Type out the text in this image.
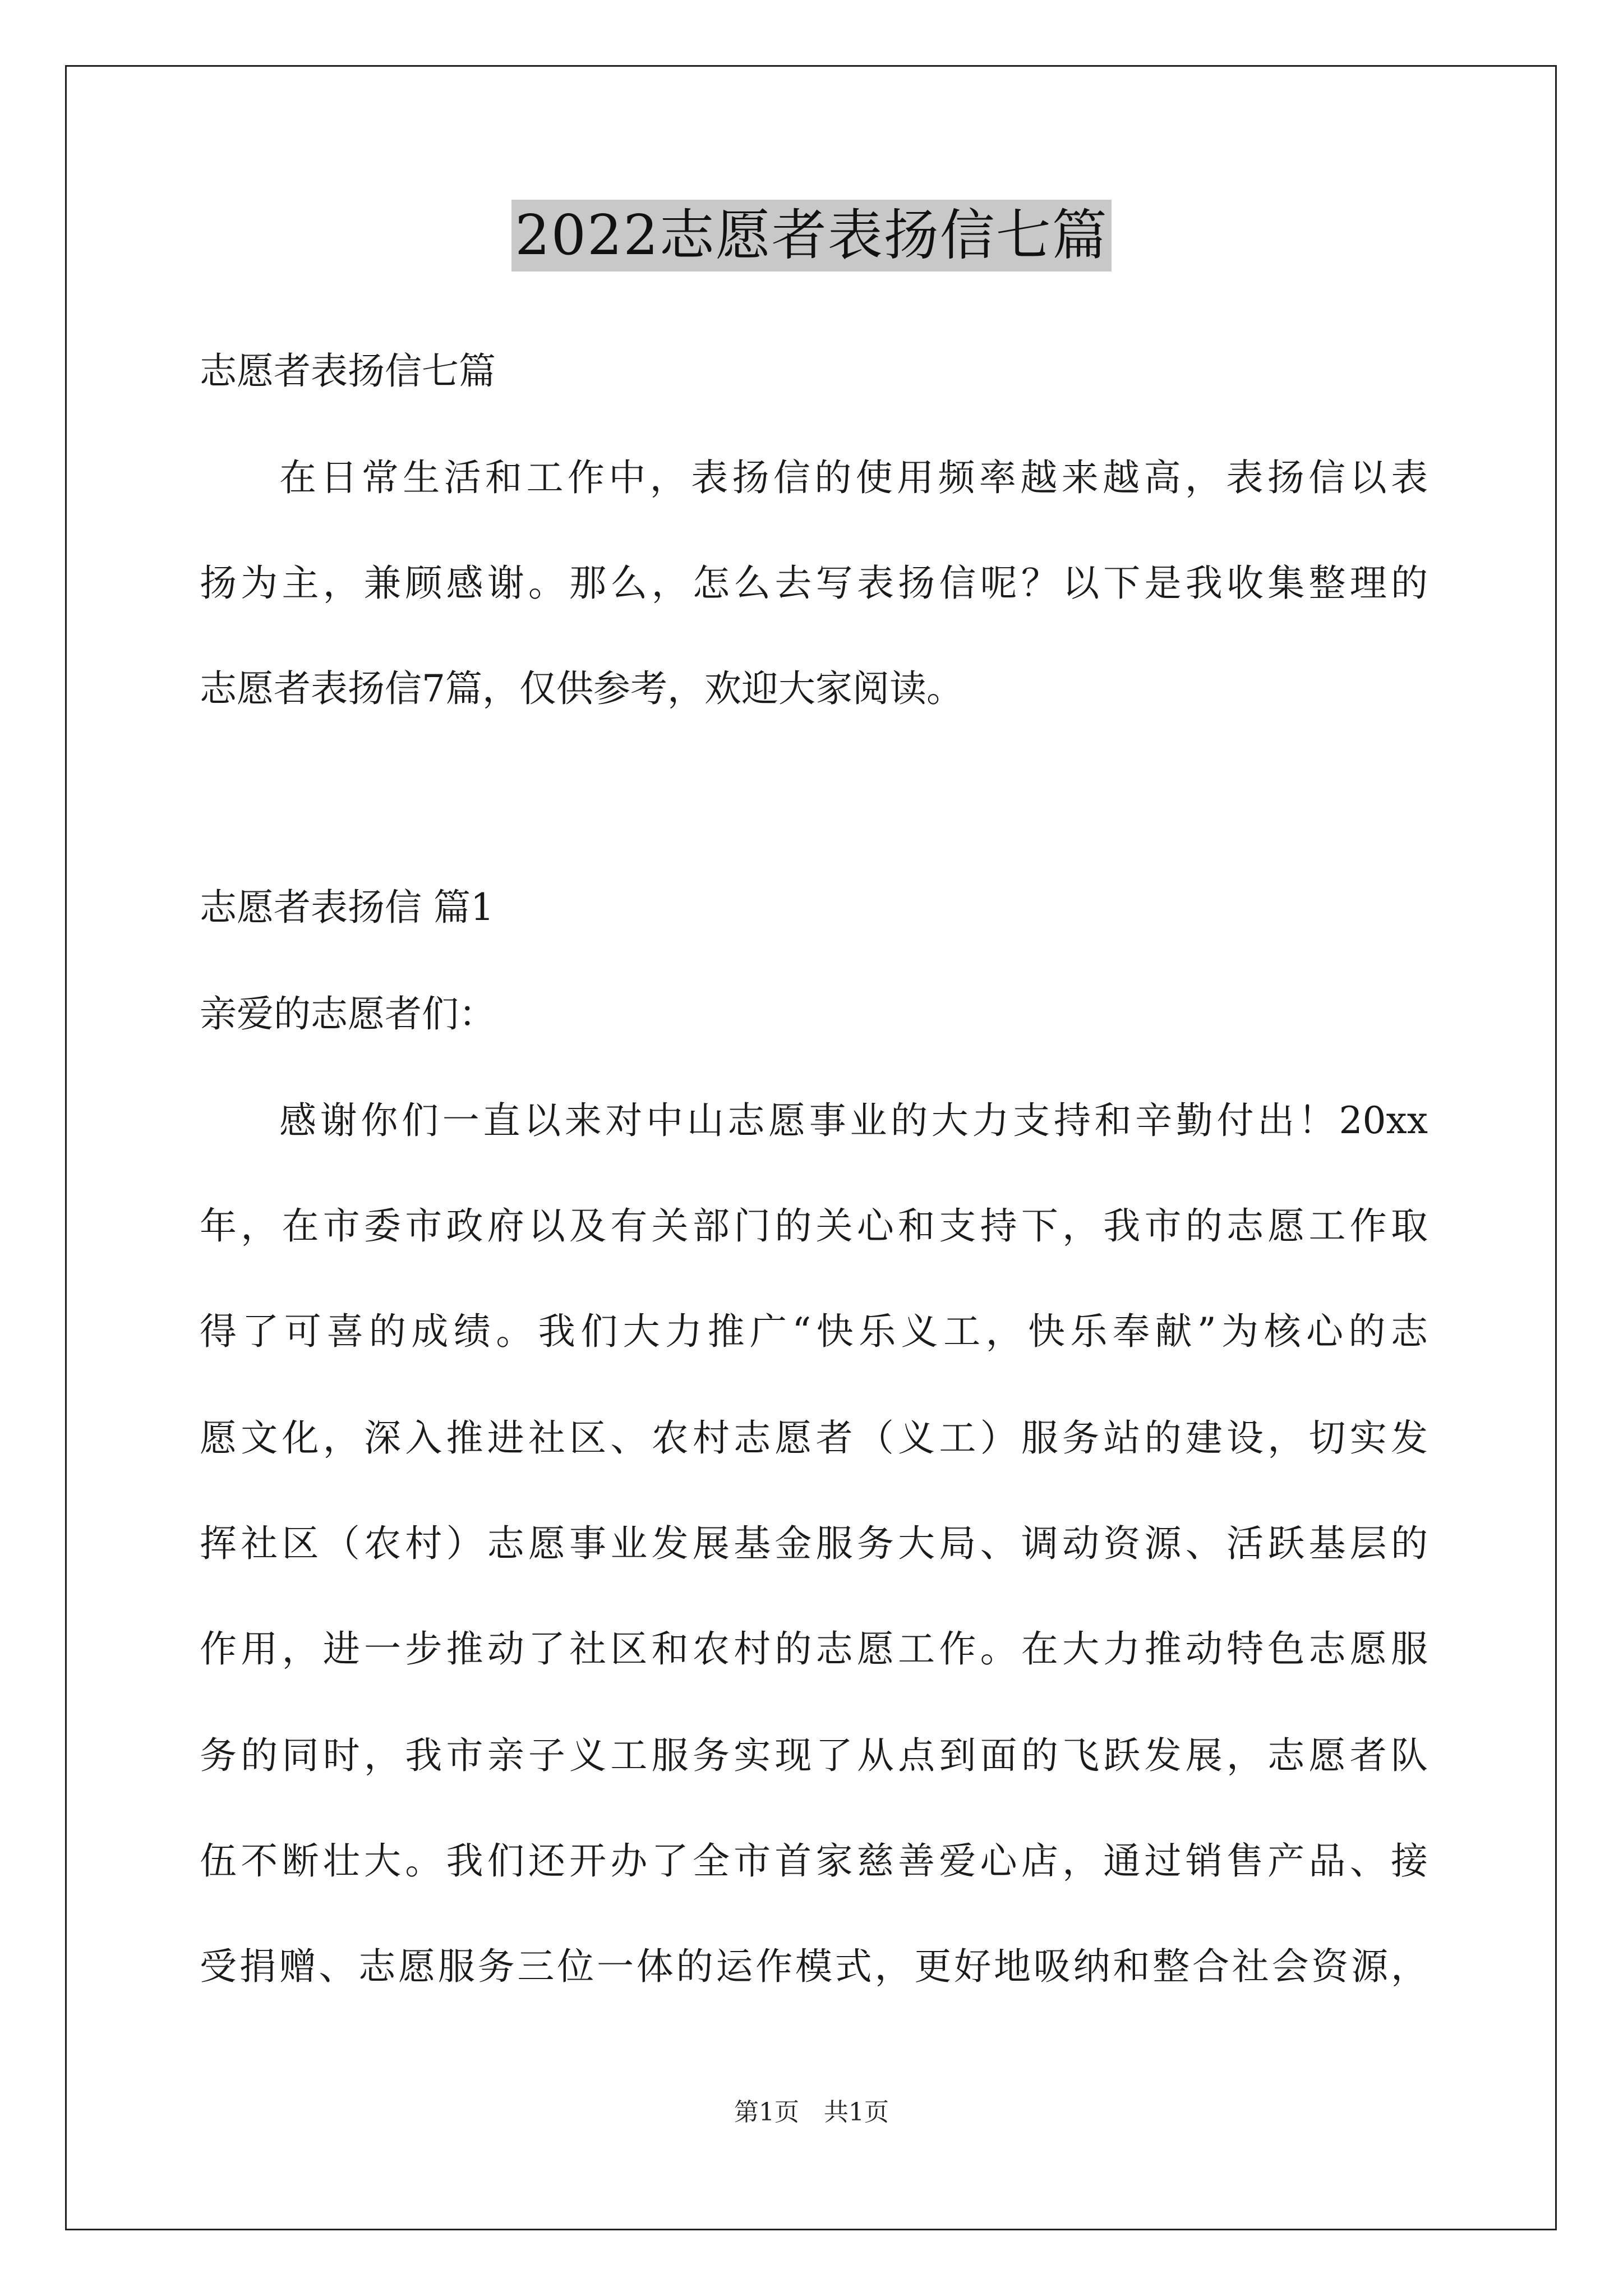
2022志愿者表扬信七篇
志愿者表扬信七篇
在日常生活和工作中，表扬信的使用频率越来越高，表扬信以表
扬为主，兼顾感谢。那么，怎么去写表扬信呢？以下是我收集整理的
志愿者表扬信7篇，仅供参考，欢迎大家阅读。
志愿者表扬信 篇1
亲爱的志愿者们：
感谢你们一直以来对中山志愿事业的大力支持和辛勤付出！20xx
年，在市委市政府以及有关部门的关心和支持下，我市的志愿工作取
得了可喜的成绩。我们大力推广“快乐义工，快乐奉献”为核心的志
愿文化，深入推进社区、农村志愿者（义工）服务站的建设，切实发
挥社区（农村）志愿事业发展基金服务大局、调动资源、活跃基层的
作用，进一步推动了社区和农村的志愿工作。在大力推动特色志愿服
务的同时，我市亲子义工服务实现了从点到面的飞跃发展，志愿者队
伍不断壮大。我们还开办了全市首家慈善爱心店，通过销售产品、接
受捐赠、志愿服务三位一体的运作模式，更好地吸纳和整合社会资源，
第1页　共1页
